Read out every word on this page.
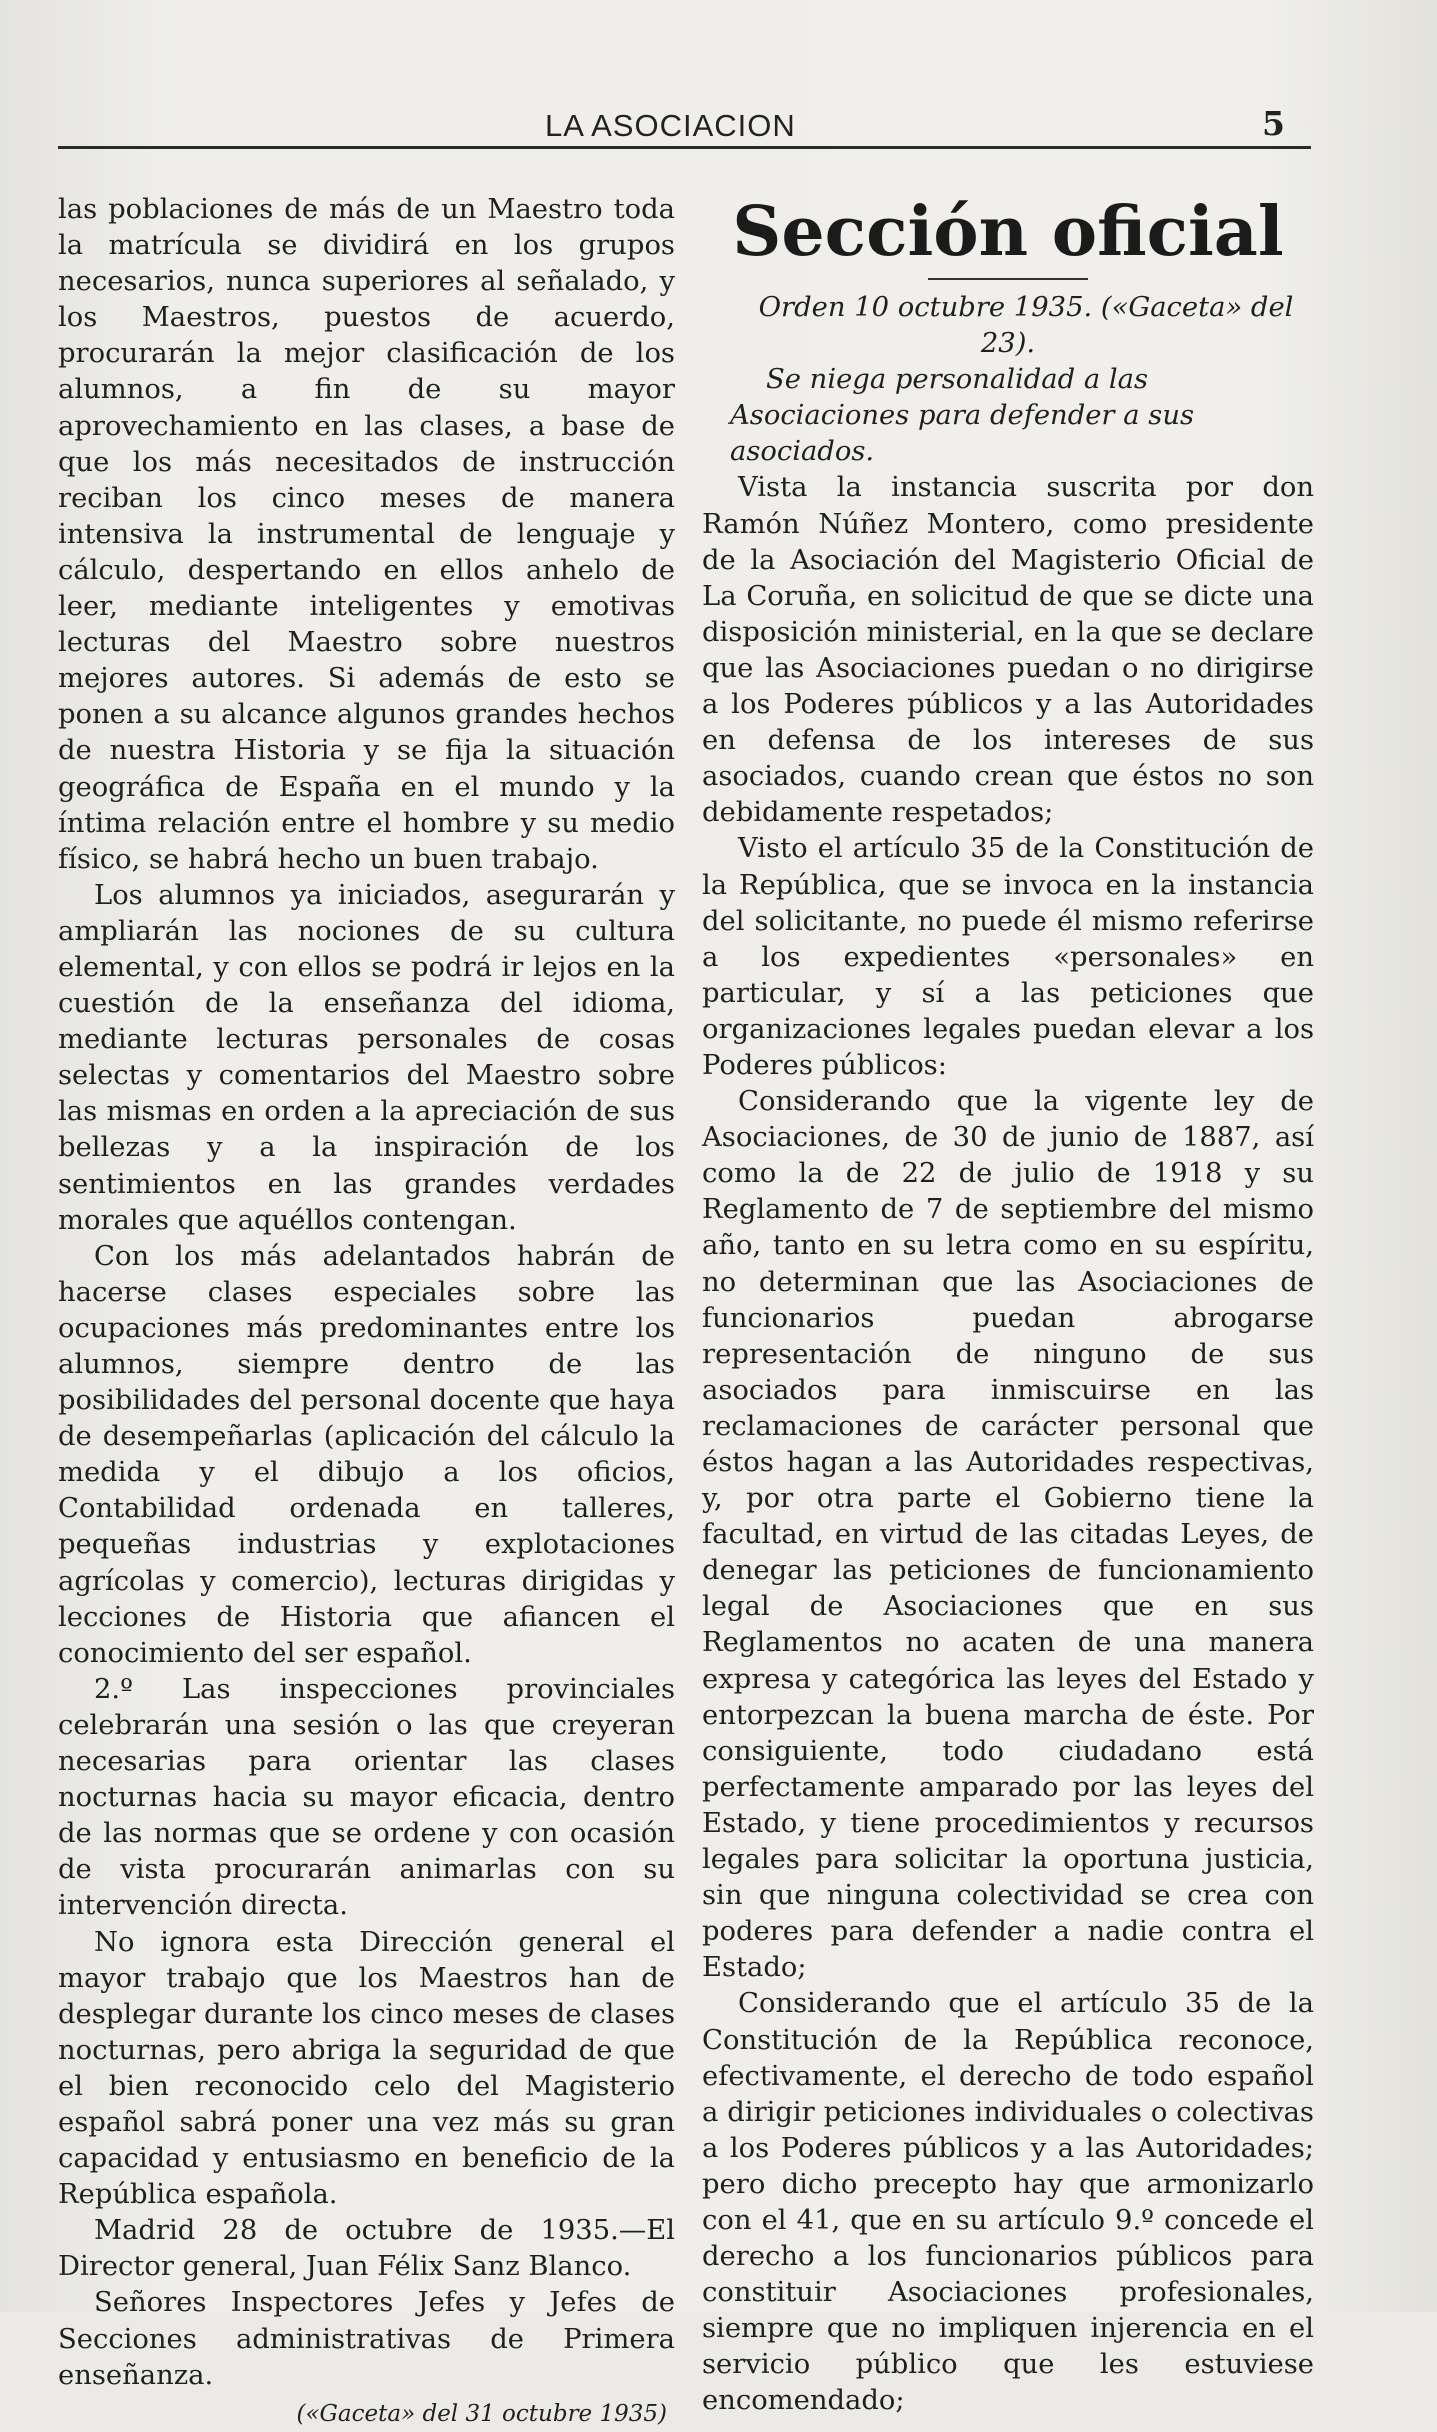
LA ASOCIACION	5

las poblaciones de más de un Maestro toda la matrícula se dividirá en los grupos necesarios, nunca superiores al señalado, y los Maestros, puestos de acuerdo, procurarán la mejor clasificación de los alumnos, a fin de su mayor aprovechamiento en las clases, a base de que los más necesitados de instrucción reciban los cinco meses de manera intensiva la instrumental de lenguaje y cálculo, despertando en ellos anhelo de leer, mediante inteligentes y emotivas lecturas del Maestro sobre nuestros mejores autores. Si además de esto se ponen a su alcance algunos grandes hechos de nuestra Historia y se fija la situación geográfica de España en el mundo y la íntima relación entre el hombre y su medio físico, se habrá hecho un buen trabajo.

Los alumnos ya iniciados, asegurarán y ampliarán las nociones de su cultura elemental, y con ellos se podrá ir lejos en la cuestión de la enseñanza del idioma, mediante lecturas personales de cosas selectas y comentarios del Maestro sobre las mismas en orden a la apreciación de sus bellezas y a la inspiración de los sentimientos en las grandes verdades morales que aquéllos contengan.

Con los más adelantados habrán de hacerse clases especiales sobre las ocupaciones más predominantes entre los alumnos, siempre dentro de las posibilidades del personal docente que haya de desempeñarlas (aplicación del cálculo la medida y el dibujo a los oficios, Contabilidad ordenada en talleres, pequeñas industrias y explotaciones agrícolas y comercio), lecturas dirigidas y lecciones de Historia que afiancen el conocimiento del ser español.

2.º Las inspecciones provinciales celebrarán una sesión o las que creyeran necesarias para orientar las clases nocturnas hacia su mayor eficacia, dentro de las normas que se ordene y con ocasión de vista procurarán animarlas con su intervención directa.

No ignora esta Dirección general el mayor trabajo que los Maestros han de desplegar durante los cinco meses de clases nocturnas, pero abriga la seguridad de que el bien reconocido celo del Magisterio español sabrá poner una vez más su gran capacidad y entusiasmo en beneficio de la República española.

Madrid 28 de octubre de 1935.—El Director general, Juan Félix Sanz Blanco.

Señores Inspectores Jefes y Jefes de Secciones administrativas de Primera enseñanza.

(«Gaceta» del 31 octubre 1935)
Sección oficial

Orden 10 octubre 1935. («Gaceta» del 23).

Se niega personalidad a las Asociaciones para defender a sus asociados.

Vista la instancia suscrita por don Ramón Núñez Montero, como presidente de la Asociación del Magisterio Oficial de La Coruña, en solicitud de que se dicte una disposición ministerial, en la que se declare que las Asociaciones puedan o no dirigirse a los Poderes públicos y a las Autoridades en defensa de los intereses de sus asociados, cuando crean que éstos no son debidamente respetados;

Visto el artículo 35 de la Constitución de la República, que se invoca en la instancia del solicitante, no puede él mismo referirse a los expedientes «personales» en particular, y sí a las peticiones que organizaciones legales puedan elevar a los Poderes públicos:

Considerando que la vigente ley de Asociaciones, de 30 de junio de 1887, así como la de 22 de julio de 1918 y su Reglamento de 7 de septiembre del mismo año, tanto en su letra como en su espíritu, no determinan que las Asociaciones de funcionarios puedan abrogarse representación de ninguno de sus asociados para inmiscuirse en las reclamaciones de carácter personal que éstos hagan a las Autoridades respectivas, y, por otra parte el Gobierno tiene la facultad, en virtud de las citadas Leyes, de denegar las peticiones de funcionamiento legal de Asociaciones que en sus Reglamentos no acaten de una manera expresa y categórica las leyes del Estado y entorpezcan la buena marcha de éste. Por consiguiente, todo ciudadano está perfectamente amparado por las leyes del Estado, y tiene procedimientos y recursos legales para solicitar la oportuna justicia, sin que ninguna colectividad se crea con poderes para defender a nadie contra el Estado;

Considerando que el artículo 35 de la Constitución de la República reconoce, efectivamente, el derecho de todo español a dirigir peticiones individuales o colectivas a los Poderes públicos y a las Autoridades; pero dicho precepto hay que armonizarlo con el 41, que en su artículo 9.º concede el derecho a los funcionarios públicos para constituir Asociaciones profesionales, siempre que no impliquen injerencia en el servicio público que les estuviese encomendado;
